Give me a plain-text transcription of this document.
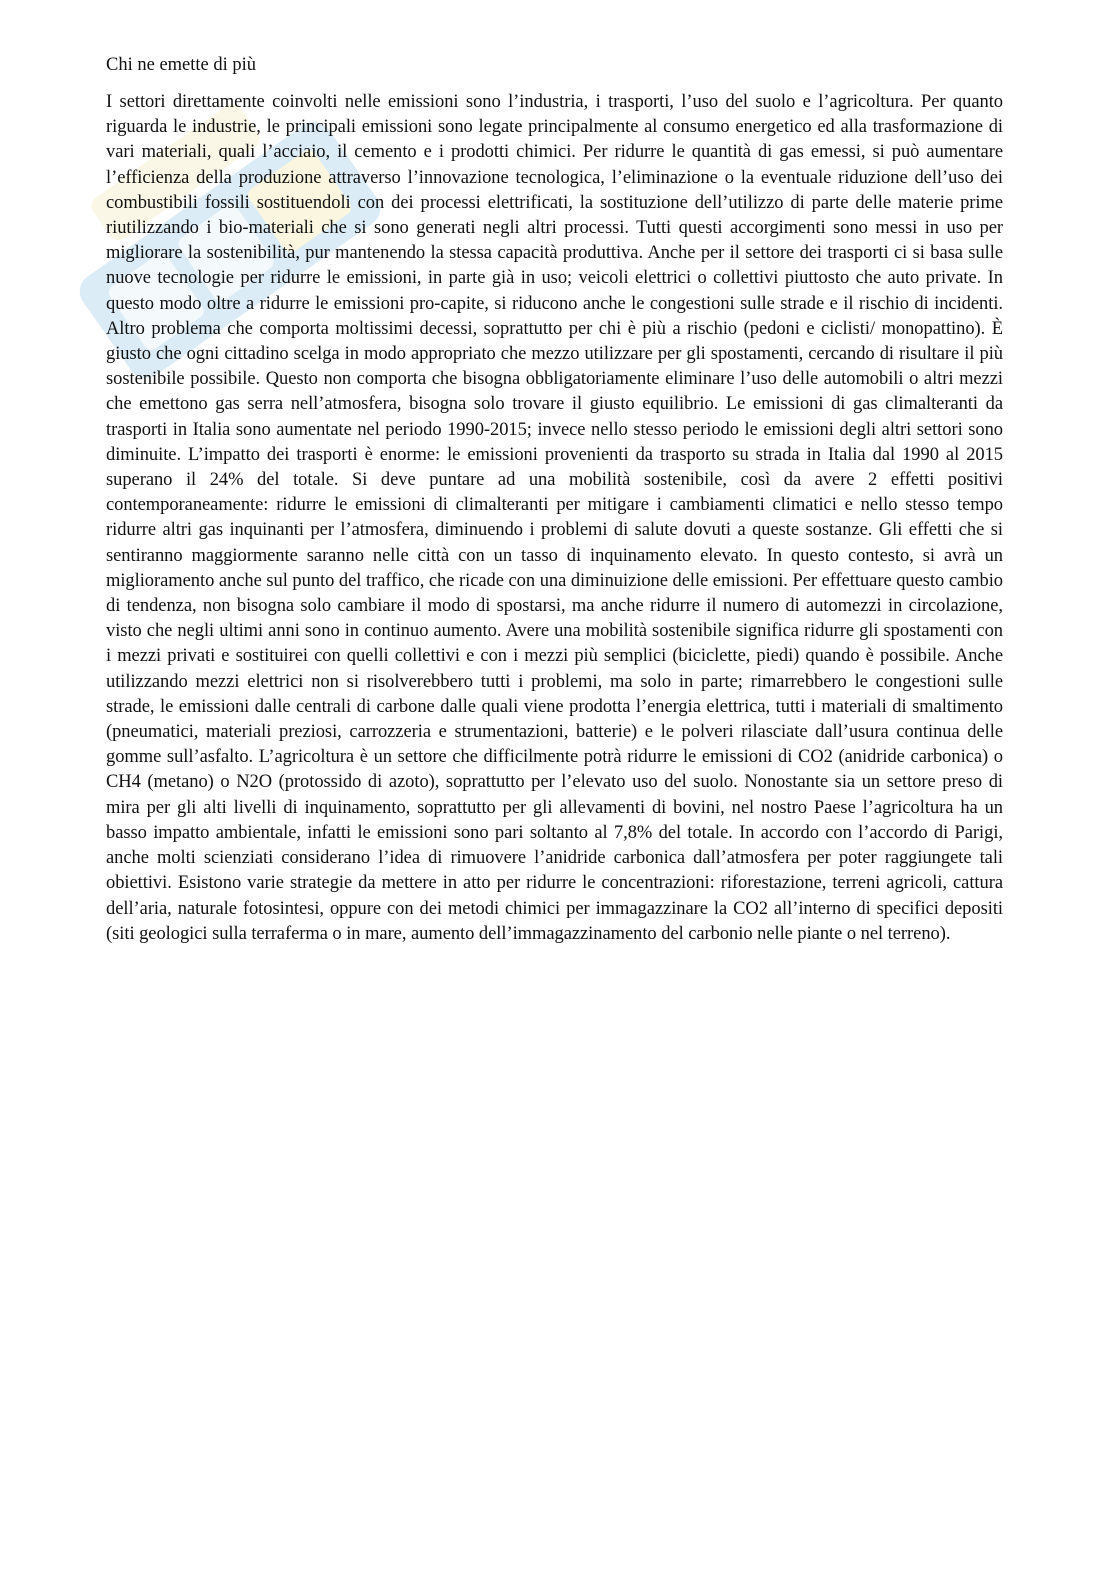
Chi ne emette di più

I settori direttamente coinvolti nelle emissioni sono l’industria, i trasporti, l’uso del suolo e l’agricoltura. Per quanto riguarda le industrie, le principali emissioni sono legate principalmente al consumo energetico ed alla trasformazione di vari materiali, quali l’acciaio, il cemento e i prodotti chimici. Per ridurre le quantità di gas emessi, si può aumentare l’efficienza della produzione attraverso l’innovazione tecnologica, l’eliminazione o la eventuale riduzione dell’uso dei combustibili fossili sostituendoli con dei processi elettrificati, la sostituzione dell’utilizzo di parte delle materie prime riutilizzando i bio-materiali che si sono generati negli altri processi. Tutti questi accorgimenti sono messi in uso per migliorare la sostenibilità, pur mantenendo la stessa capacità produttiva. Anche per il settore dei trasporti ci si basa sulle nuove tecnologie per ridurre le emissioni, in parte già in uso; veicoli elettrici o collettivi piuttosto che auto private. In questo modo oltre a ridurre le emissioni pro-capite, si riducono anche le congestioni sulle strade e il rischio di incidenti. Altro problema che comporta moltissimi decessi, soprattutto per chi è più a rischio (pedoni e ciclisti/ monopattino). È giusto che ogni cittadino scelga in modo appropriato che mezzo utilizzare per gli spostamenti, cercando di risultare il più sostenibile possibile. Questo non comporta che bisogna obbligatoriamente eliminare l’uso delle automobili o altri mezzi che emettono gas serra nell’atmosfera, bisogna solo trovare il giusto equilibrio. Le emissioni di gas climalteranti da trasporti in Italia sono aumentate nel periodo 1990-2015; invece nello stesso periodo le emissioni degli altri settori sono diminuite. L’impatto dei trasporti è enorme: le emissioni provenienti da trasporto su strada in Italia dal 1990 al 2015 superano il 24% del totale. Si deve puntare ad una mobilità sostenibile, così da avere 2 effetti positivi contemporaneamente: ridurre le emissioni di climalteranti per mitigare i cambiamenti climatici e nello stesso tempo ridurre altri gas inquinanti per l’atmosfera, diminuendo i problemi di salute dovuti a queste sostanze. Gli effetti che si sentiranno maggiormente saranno nelle città con un tasso di inquinamento elevato. In questo contesto, si avrà un miglioramento anche sul punto del traffico, che ricade con una diminuizione delle emissioni. Per effettuare questo cambio di tendenza, non bisogna solo cambiare il modo di spostarsi, ma anche ridurre il numero di automezzi in circolazione, visto che negli ultimi anni sono in continuo aumento. Avere una mobilità sostenibile significa ridurre gli spostamenti con i mezzi privati e sostituirei con quelli collettivi e con i mezzi più semplici (biciclette, piedi) quando è possibile. Anche utilizzando mezzi elettrici non si risolverebbero tutti i problemi, ma solo in parte; rimarrebbero le congestioni sulle strade, le emissioni dalle centrali di carbone dalle quali viene prodotta l’energia elettrica, tutti i materiali di smaltimento (pneumatici, materiali preziosi, carrozzeria e strumentazioni, batterie) e le polveri rilasciate dall’usura continua delle gomme sull’asfalto. L’agricoltura è un settore che difficilmente potrà ridurre le emissioni di CO2 (anidride carbonica) o CH4 (metano) o N2O (protossido di azoto), soprattutto per l’elevato uso del suolo. Nonostante sia un settore preso di mira per gli alti livelli di inquinamento, soprattutto per gli allevamenti di bovini, nel nostro Paese l’agricoltura ha un basso impatto ambientale, infatti le emissioni sono pari soltanto al 7,8% del totale. In accordo con l’accordo di Parigi, anche molti scienziati considerano l’idea di rimuovere l’anidride carbonica dall’atmosfera per poter raggiungete tali obiettivi. Esistono varie strategie da mettere in atto per ridurre le concentrazioni: riforestazione, terreni agricoli, cattura dell’aria, naturale fotosintesi, oppure con dei metodi chimici per immagazzinare la CO2 all’interno di specifici depositi (siti geologici sulla terraferma o in mare, aumento dell’immagazzinamento del carbonio nelle piante o nel terreno).
